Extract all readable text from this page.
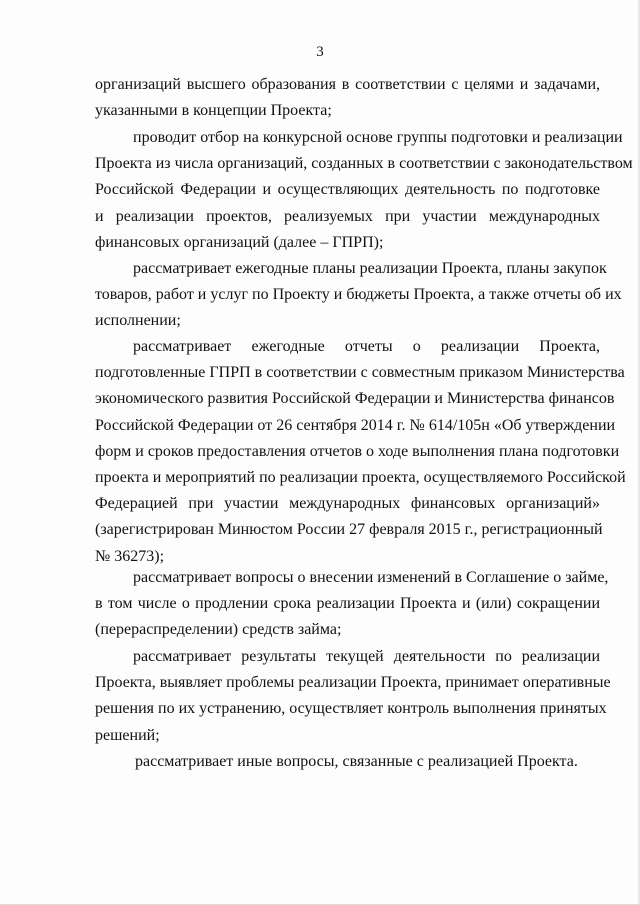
3
организаций высшего образования в соответствии с целями и задачами,
указанными в концепции Проекта;
проводит отбор на конкурсной основе группы подготовки и реализации
Проекта из числа организаций, созданных в соответствии с законодательством
Российской Федерации и осуществляющих деятельность по подготовке
и реализации проектов, реализуемых при участии международных
финансовых организаций (далее – ГПРП);
рассматривает ежегодные планы реализации Проекта, планы закупок
товаров, работ и услуг по Проекту и бюджеты Проекта, а также отчеты об их
исполнении;
рассматривает ежегодные отчеты о реализации Проекта,
подготовленные ГПРП в соответствии с совместным приказом Министерства
экономического развития Российской Федерации и Министерства финансов
Российской Федерации от 26 сентября 2014 г. № 614/105н «Об утверждении
форм и сроков предоставления отчетов о ходе выполнения плана подготовки
проекта и мероприятий по реализации проекта, осуществляемого Российской
Федерацией при участии международных финансовых организаций»
(зарегистрирован Минюстом России 27 февраля 2015 г., регистрационный
№ 36273);
рассматривает вопросы о внесении изменений в Соглашение о займе,
в том числе о продлении срока реализации Проекта и (или) сокращении
(перераспределении) средств займа;
рассматривает результаты текущей деятельности по реализации
Проекта, выявляет проблемы реализации Проекта, принимает оперативные
решения по их устранению, осуществляет контроль выполнения принятых
решений;
рассматривает иные вопросы, связанные с реализацией Проекта.
